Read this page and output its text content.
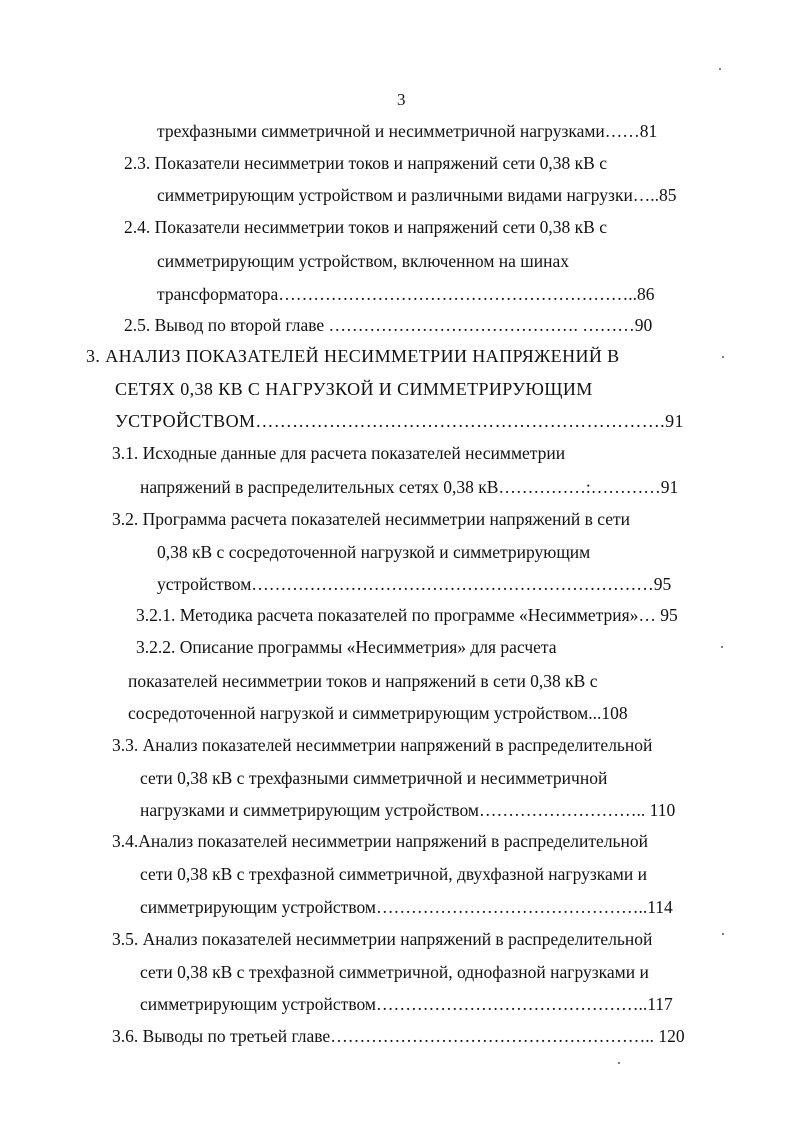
3
трехфазными симметричной и несимметричной нагрузками……81
2.3. Показатели несимметрии токов и напряжений сети 0,38 кВ с
симметрирующим устройством и различными видами нагрузки…..85
2.4. Показатели несимметрии токов и напряжений сети 0,38 кВ с
симметрирующим устройством, включенном на шинах
трансформатора……………………………………………………..86
2.5. Вывод по второй главе ……………………………………. ………90
3. АНАЛИЗ ПОКАЗАТЕЛЕЙ НЕСИММЕТРИИ НАПРЯЖЕНИЙ В
СЕТЯХ 0,38 КВ С НАГРУЗКОЙ И СИММЕТРИРУЮЩИМ
УСТРОЙСТВОМ………………………………………………………….91
3.1. Исходные данные для расчета показателей несимметрии
напряжений в распределительных сетях 0,38 кВ……………:…………91
3.2. Программа расчета показателей несимметрии напряжений в сети
0,38 кВ с сосредоточенной нагрузкой и симметрирующим
устройством……………………………………………………………95
3.2.1. Методика расчета показателей по программе «Несимметрия»… 95
3.2.2. Описание программы «Несимметрия» для расчета
показателей несимметрии токов и напряжений в сети 0,38 кВ с
сосредоточенной нагрузкой и симметрирующим устройством...108
3.3. Анализ показателей несимметрии напряжений в распределительной
сети 0,38 кВ с трехфазными симметричной и несимметричной
нагрузками и симметрирующим устройством……………………….. 110
3.4.Анализ показателей несимметрии напряжений в распределительной
сети 0,38 кВ с трехфазной симметричной, двухфазной нагрузками и
симметрирующим устройством………………………………………..114
3.5. Анализ показателей несимметрии напряжений в распределительной
сети 0,38 кВ с трехфазной симметричной, однофазной нагрузками и
симметрирующим устройством………………………………………..117
3.6. Выводы по третьей главе……………………………………………….. 120
